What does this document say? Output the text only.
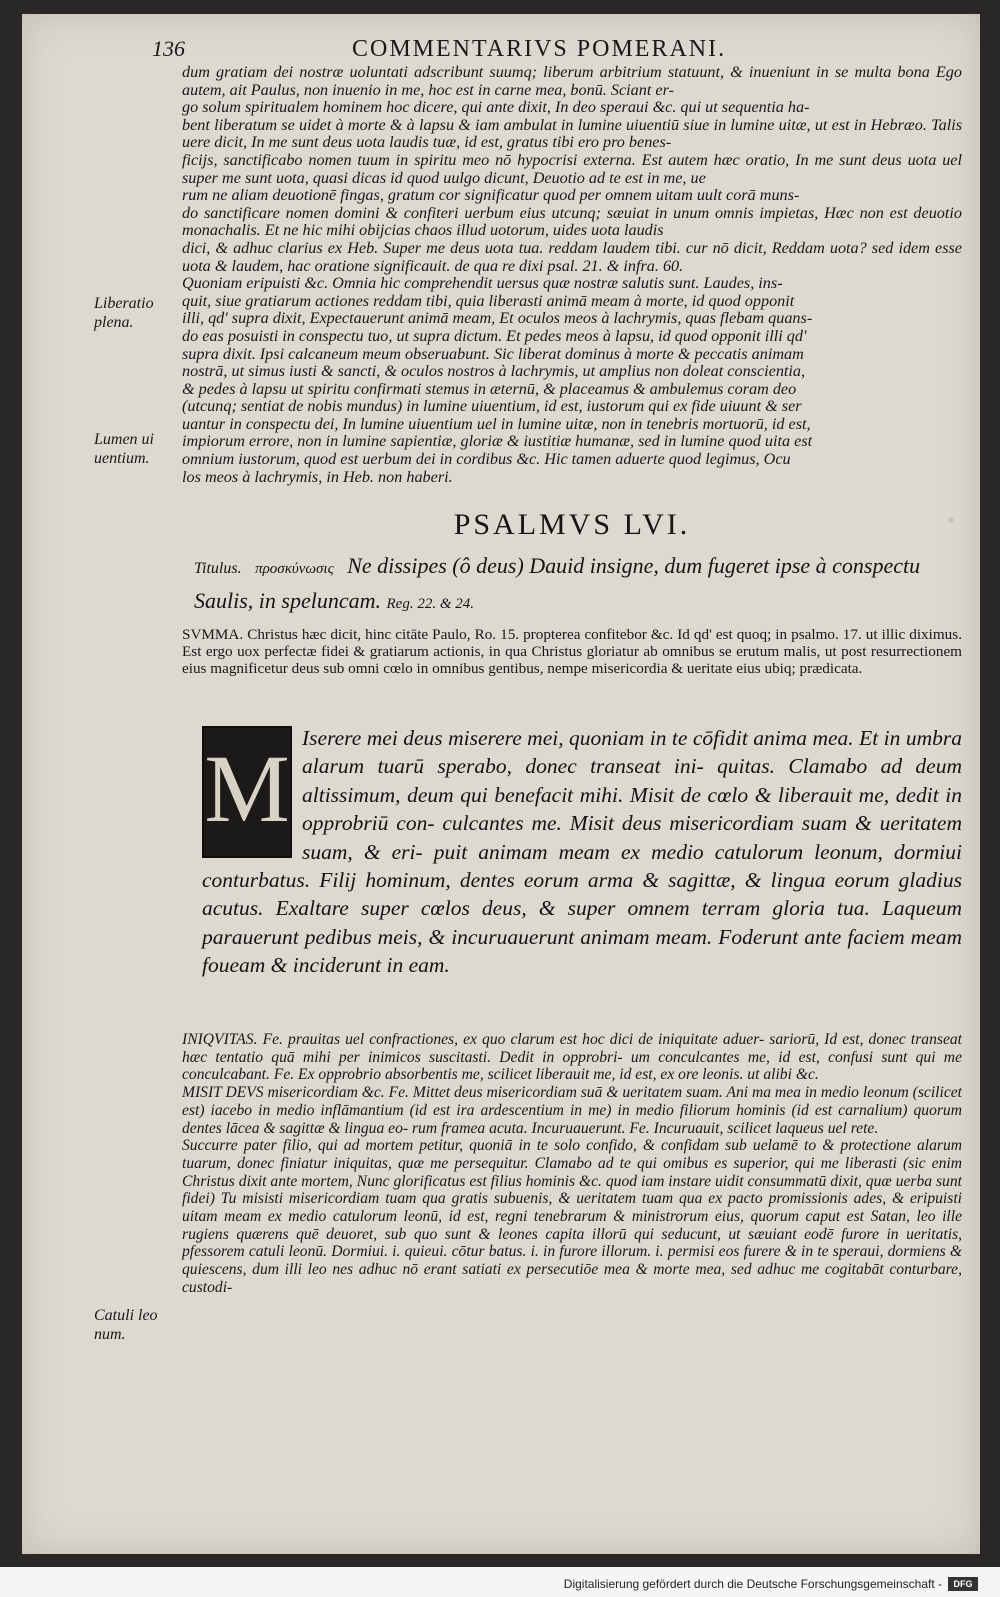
136	COMMENTARIVS POMERANI.

dum gratiam dei nostræ uoluntati adscribunt suumq; liberum arbitrium statuunt, & inueniunt in se multa bona Ego autem, ait Paulus, non inuenio in me, hoc est in carne mea, bonū. Sciant er-

go solum spiritualem hominem hoc dicere, qui ante dixit, In deo speraui &c. qui ut sequentia ha-

bent liberatum se uidet à morte & à lapsu & iam ambulat in lumine uiuentiū siue in lumine uitæ, ut est in Hebræo. Talis uere dicit, In me sunt deus uota laudis tuæ, id est, gratus tibi ero pro benes-

ficijs, sanctificabo nomen tuum in spiritu meo nō hypocrisi externa. Est autem hæc oratio, In me sunt deus uota uel super me sunt uota, quasi dicas id quod uulgo dicunt, Deuotio ad te est in me, ue

rum ne aliam deuotionē fingas, gratum cor significatur quod per omnem uitam uult corā muns-

do sanctificare nomen domini & confiteri uerbum eius utcunq; sæuiat in unum omnis impietas, Hæc non est deuotio monachalis. Et ne hic mihi obijcias chaos illud uotorum, uides uota laudis

dici, & adhuc clarius ex Heb. Super me deus uota tua. reddam laudem tibi. cur nō dicit, Reddam uota? sed idem esse uota & laudem, hac oratione significauit. de qua re dixi psal. 21. & infra. 60.

Quoniam eripuisti &c. Omnia hic comprehendit uersus quæ nostræ salutis sunt. Laudes, ins-

quit, siue gratiarum actiones reddam tibi, quia liberasti animā meam à morte, id quod opponit

illi, qd' supra dixit, Expectauerunt animā meam, Et oculos meos à lachrymis, quas flebam quans-

do eas posuisti in conspectu tuo, ut supra dictum. Et pedes meos à lapsu, id quod opponit illi qd'

supra dixit. Ipsi calcaneum meum obseruabunt. Sic liberat dominus à morte & peccatis animam

nostrā, ut simus iusti & sancti, & oculos nostros à lachrymis, ut amplius non doleat conscientia,

& pedes à lapsu ut spiritu confirmati stemus in æternū, & placeamus & ambulemus coram deo

(utcunq; sentiat de nobis mundus) in lumine uiuentium, id est, iustorum qui ex fide uiuunt & ser

uantur in conspectu dei, In lumine uiuentium uel in lumine uitæ, non in tenebris mortuorū, id est,

impiorum errore, non in lumine sapientiæ, gloriæ & iustitiæ humanæ, sed in lumine quod uita est

omnium iustorum, quod est uerbum dei in cordibus &c. Hic tamen aduerte quod legimus, Ocu

los meos à lachrymis, in Heb. non haberi.

Liberatio plena.
Lumen ui uentium.
Catuli leo num.
PSALMVS LVI.
Titulus. προσκύνωσις Ne dissipes (ô deus) Dauid insigne, dum fugeret ipse à conspectu Saulis, in speluncam. Reg. 22. & 24.
SVMMA. Christus hæc dicit, hinc citāte Paulo, Ro. 15. propterea confitebor &c. Id qd' est quoq; in psalmo. 17. ut illic diximus. Est ergo uox perfectæ fidei & gratiarum actionis, in qua Christus gloriatur ab omnibus se erutum malis, ut post resurrectionem eius magnificetur deus sub omni cœlo in omnibus gentibus, nempe misericordia & ueritate eius ubiq; prædicata.
M Iserere mei deus miserere mei, quoniam in te cōfidit anima mea. Et in umbra alarum tuarū sperabo, donec transeat ini- quitas. Clamabo ad deum altissimum, deum qui benefacit mihi. Misit de cœlo & liberauit me, dedit in opprobriū con- culcantes me. Misit deus misericordiam suam & ueritatem suam, & eri- puit animam meam ex medio catulorum leonum, dormiui conturbatus. Filij hominum, dentes eorum arma & sagittæ, & lingua eorum gladius acutus. Exaltare super cœlos deus, & super omnem terram gloria tua. Laqueum parauerunt pedibus meis, & incuruauerunt animam meam. Foderunt ante faciem meam foueam & inciderunt in eam.

INIQVITAS. Fe. prauitas uel confractiones, ex quo clarum est hoc dici de iniquitate aduer- sariorū, Id est, donec transeat hæc tentatio quā mihi per inimicos suscitasti. Dedit in opprobri- um conculcantes me, id est, confusi sunt qui me conculcabant. Fe. Ex opprobrio absorbentis me, scilicet liberauit me, id est, ex ore leonis. ut alibi &c.

MISIT DEVS misericordiam &c. Fe. Mittet deus misericordiam suā & ueritatem suam. Ani ma mea in medio leonum (scilicet est) iacebo in medio inflāmantium (id est ira ardescentium in me) in medio filiorum hominis (id est carnalium) quorum dentes lācea & sagittæ & lingua eo- rum framea acuta. Incuruauerunt. Fe. Incuruauit, scilicet laqueus uel rete.

Succurre pater filio, qui ad mortem petitur, quoniā in te solo confido, & confidam sub uelamē to & protectione alarum tuarum, donec finiatur iniquitas, quæ me persequitur. Clamabo ad te qui omibus es superior, qui me liberasti (sic enim Christus dixit ante mortem, Nunc glorificatus est filius hominis &c. quod iam instare uidit consummatū dixit, quæ uerba sunt fidei) Tu misisti misericordiam tuam qua gratis subuenis, & ueritatem tuam qua ex pacto promissionis ades, & eripuisti uitam meam ex medio catulorum leonū, id est, regni tenebrarum & ministrorum eius, quorum caput est Satan, leo ille rugiens quærens quē deuoret, sub quo sunt & leones capita illorū qui seducunt, ut sæuiant eodē furore in ueritatis, pfessorem catuli leonū. Dormiui. i. quieui. cōtur batus. i. in furore illorum. i. permisi eos furere & in te speraui, dormiens & quiescens, dum illi leo nes adhuc nō erant satiati ex persecutiōe mea & morte mea, sed adhuc me cogitabāt conturbare, custodi-

Digitalisierung gefördert durch die Deutsche Forschungsgemeinschaft -	DFG
